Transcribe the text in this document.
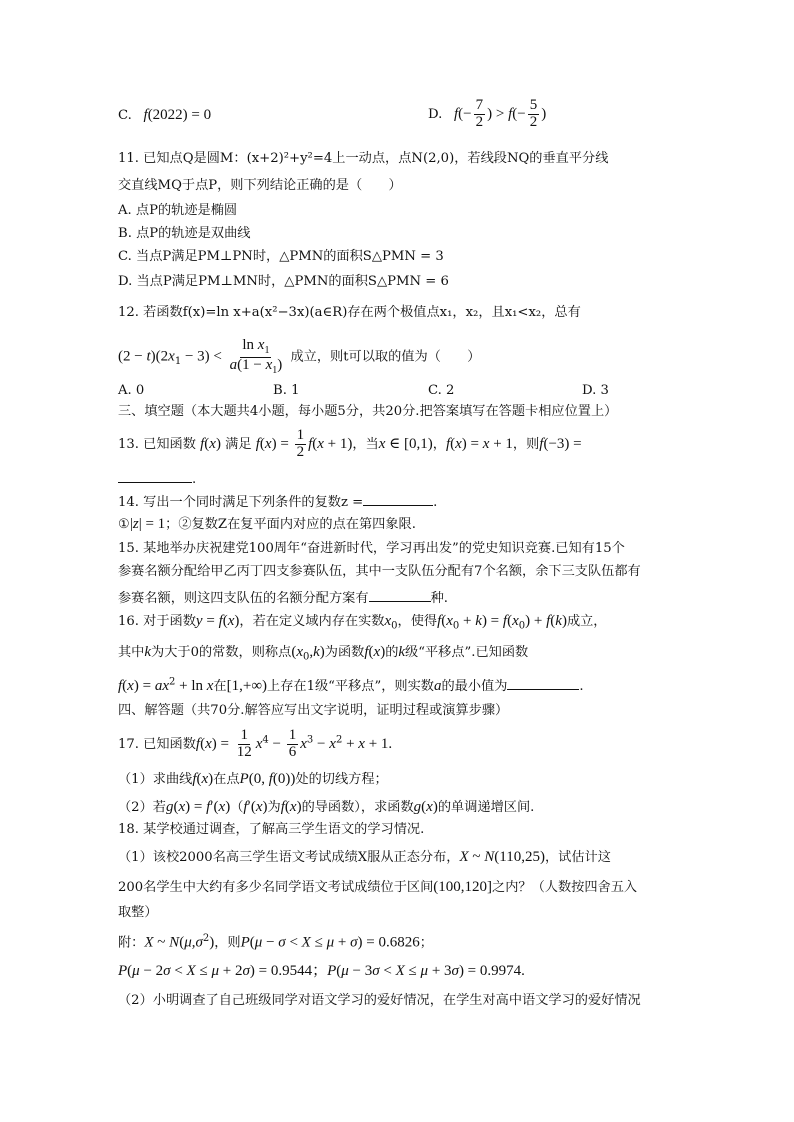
C.   f(2022) = 0	D.   $f(- \frac{7}{2}$ ) > $f(- \frac{5}{2}$ )
11. 已知点Q是圆M：(x+2)²+y²=4上一动点，点N(2,0)，若线段NQ的垂直平分线
交直线MQ于点P，则下列结论正确的是（　　）
A. 点P的轨迹是椭圆
B. 点P的轨迹是双曲线
C. 当点P满足PM⊥PN时，△PMN的面积S△PMN = 3
D. 当点P满足PM⊥MN时，△PMN的面积S△PMN = 6
12. 若函数f(x)=ln x+a(x²−3x)(a∈R)存在两个极值点x₁，x₂，且x₁<x₂，总有
$(2 - t)(2x_1 - 3) < \frac{\ln x_1}{a(1 - x_1)}$ 成立，则t可以取的值为（　　）
A. 0	B. 1	C. 2	D. 3
三、填空题（本大题共4小题，每小题5分，共20分.把答案填写在答题卡相应位置上）
13. 已知函数 f(x) 满足 $f(x) = \frac{1}{2} f(x + 1)$，当x ∈ [0,1)，f(x) = x + 1，则f(−3) =
.
14. 写出一个同时满足下列条件的复数z =	.
①|z| = 1；②复数Z在复平面内对应的点在第四象限.
15. 某地举办庆祝建党100周年“奋进新时代，学习再出发”的党史知识竞赛.已知有15个
参赛名额分配给甲乙丙丁四支参赛队伍，其中一支队伍分配有7个名额，余下三支队伍都有
参赛名额，则这四支队伍的名额分配方案有	种.
16. 对于函数y = f(x)，若在定义域内存在实数$x_0$，使得$f(x_0 + k) = f(x_0) + f(k)$成立，
其中k为大于0的常数，则称点$(x_0,k)$为函数f(x)的k级“平移点”.已知函数
$f(x) = ax^2 + \ln x$在[1,+∞)上存在1级“平移点”，则实数a的最小值为	.
四、解答题（共70分.解答应写出文字说明，证明过程或演算步骤）
17. 已知函数$f(x) = \frac{1}{12} x^4 - \frac{1}{6} x^3 - x^2 + x + 1$.
（1）求曲线f(x)在点P(0, f(0))处的切线方程；
（2）若g(x) = f′(x)（f′(x)为f(x)的导函数），求函数g(x)的单调递增区间.
18. 某学校通过调查，了解高三学生语文的学习情况.
（1）该校2000名高三学生语文考试成绩X服从正态分布，X ~ N(110,25)，试估计这
200名学生中大约有多少名同学语文考试成绩位于区间(100,120]之内？（人数按四舍五入
取整）
附：X ~ $N(\mu,\sigma^2)$，则P(μ − σ < X ≤ μ + σ) = 0.6826；
P(μ − 2σ < X ≤ μ + 2σ) = 0.9544；P(μ − 3σ < X ≤ μ + 3σ) = 0.9974.
（2）小明调查了自己班级同学对语文学习的爱好情况，在学生对高中语文学习的爱好情况
